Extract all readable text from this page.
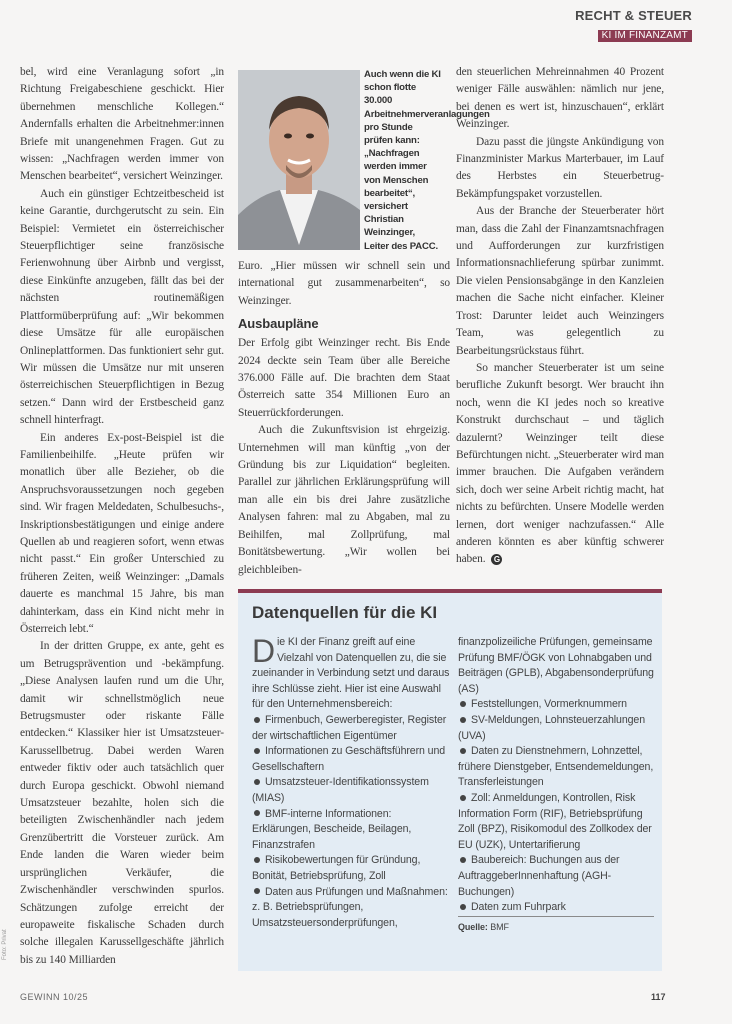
RECHT & STEUER
KI IM FINANZAMT

bel, wird eine Veranlagung sofort „in Richtung Freigabeschiene geschickt. Hier übernehmen menschliche Kollegen.“ Andernfalls erhalten die Arbeitnehmer:innen Briefe mit unangenehmen Fragen. Gut zu wissen: „Nachfragen werden immer von Menschen bearbeitet“, versichert Weinzinger.

Auch ein günstiger Echtzeitbescheid ist keine Garantie, durchgerutscht zu sein. Ein Beispiel: Vermietet ein österreichischer Steuerpflichtiger seine französische Ferienwohnung über Airbnb und vergisst, diese Einkünfte anzugeben, fällt das bei der nächsten routinemäßigen Plattformüberprüfung auf: „Wir bekommen diese Umsätze für alle europäischen Onlineplattformen. Das funktioniert sehr gut. Wir müssen die Umsätze nur mit unseren österreichischen Steuerpflichtigen in Bezug setzen.“ Dann wird der Erstbescheid ganz schnell hinterfragt.

Ein anderes Ex-post-Beispiel ist die Familienbeihilfe. „Heute prüfen wir monatlich über alle Bezieher, ob die Anspruchsvoraussetzungen noch gegeben sind. Wir fragen Meldedaten, Schulbesuchs-, Inskriptionsbestätigungen und einige andere Quellen ab und reagieren sofort, wenn etwas nicht passt.“ Ein großer Unterschied zu früheren Zeiten, weiß Weinzinger: „Damals dauerte es manchmal 15 Jahre, bis man dahinterkam, dass ein Kind nicht mehr in Österreich lebt.“

In der dritten Gruppe, ex ante, geht es um Betrugsprävention und -bekämpfung. „Diese Analysen laufen rund um die Uhr, damit wir schnellstmöglich neue Betrugsmuster oder riskante Fälle entdecken.“ Klassiker hier ist Umsatzsteuer-Karussellbetrug. Dabei werden Waren entweder fiktiv oder auch tatsächlich quer durch Europa geschickt. Obwohl niemand Umsatzsteuer bezahlte, holen sich die beteiligten Zwischenhändler nach jedem Grenzübertritt die Vorsteuer zurück. Am Ende landen die Waren wieder beim ursprünglichen Verkäufer, die Zwischenhändler verschwinden spurlos. Schätzungen zufolge erreicht der europaweite fiskalische Schaden durch solche illegalen Karussellgeschäfte jährlich bis zu 140 Milliarden

Auch wenn die KI schon flotte 30.000 Arbeitnehmerveranlagungen pro Stunde prüfen kann: „Nachfragen werden immer von Menschen bearbeitet“, versichert Christian Weinzinger, Leiter des PACC.

Euro. „Hier müssen wir schnell sein und international gut zusammenarbeiten“, so Weinzinger.

Ausbaupläne

Der Erfolg gibt Weinzinger recht. Bis Ende 2024 deckte sein Team über alle Bereiche 376.000 Fälle auf. Die brachten dem Staat Österreich satte 354 Millionen Euro an Steuerrückforderungen.

Auch die Zukunftsvision ist ehrgeizig. Unternehmen will man künftig „von der Gründung bis zur Liquidation“ begleiten. Parallel zur jährlichen Erklärungsprüfung will man alle ein bis drei Jahre zusätzliche Analysen fahren: mal zu Abgaben, mal zu Beihilfen, mal Zollprüfung, mal Bonitätsbewertung. „Wir wollen bei gleichbleiben-

den steuerlichen Mehreinnahmen 40 Prozent weniger Fälle auswählen: nämlich nur jene, bei denen es wert ist, hinzuschauen“, erklärt Weinzinger.

Dazu passt die jüngste Ankündigung von Finanzminister Markus Marterbauer, im Lauf des Herbstes ein Steuerbetrug-Bekämpfungspaket vorzustellen.

Aus der Branche der Steuerberater hört man, dass die Zahl der Finanzamtsnachfragen und Aufforderungen zur kurzfristigen Informationsnachlieferung spürbar zunimmt. Die vielen Pensionsabgänge in den Kanzleien machen die Sache nicht einfacher. Kleiner Trost: Darunter leidet auch Weinzingers Team, was gelegentlich zu Bearbeitungsrückstaus führt.

So mancher Steuerberater ist um seine berufliche Zukunft besorgt. Wer braucht ihn noch, wenn die KI jedes noch so kreative Konstrukt durchschaut – und täglich dazulernt? Weinzinger teilt diese Befürchtungen nicht. „Steuerberater wird man immer brauchen. Die Aufgaben verändern sich, doch wer seine Arbeit richtig macht, hat nichts zu befürchten. Unsere Modelle werden lernen, dort weniger nachzufassen.“ Alle anderen könnten es aber künftig schwerer haben. G

Datenquellen für die KI

Die KI der Finanz greift auf eine Vielzahl von Datenquellen zu, die sie zueinander in Verbindung setzt und daraus ihre Schlüsse zieht. Hier ist eine Auswahl für den Unternehmensbereich:

Firmenbuch, Gewerberegister, Register der wirtschaftlichen Eigentümer

Informationen zu Geschäftsführern und Gesellschaftern

Umsatzsteuer-Identifikationssystem (MIAS)

BMF-interne Informationen: Erklärungen, Bescheide, Beilagen, Finanzstrafen

Risikobewertungen für Gründung, Bonität, Betriebsprüfung, Zoll

Daten aus Prüfungen und Maßnahmen: z. B. Betriebsprüfungen, Umsatzsteuersonderprüfungen,

finanzpolizeiliche Prüfungen, gemeinsame Prüfung BMF/ÖGK von Lohnabgaben und Beiträgen (GPLB), Abgabensonderprüfung (AS)

Feststellungen, Vormerknummern

SV-Meldungen, Lohnsteuerzahlungen (UVA)

Daten zu Dienstnehmern, Lohnzettel, frühere Dienstgeber, Entsendemeldungen, Transferleistungen

Zoll: Anmeldungen, Kontrollen, Risk Information Form (RIF), Betriebsprüfung Zoll (BPZ), Risikomodul des Zollkodex der EU (UZK), Untertarifierung

Baubereich: Buchungen aus der AuftraggeberInnenhaftung (AGH-Buchungen)

Daten zum Fuhrpark

Quelle: BMF

Foto: Privat
GEWINN 10/25	117
